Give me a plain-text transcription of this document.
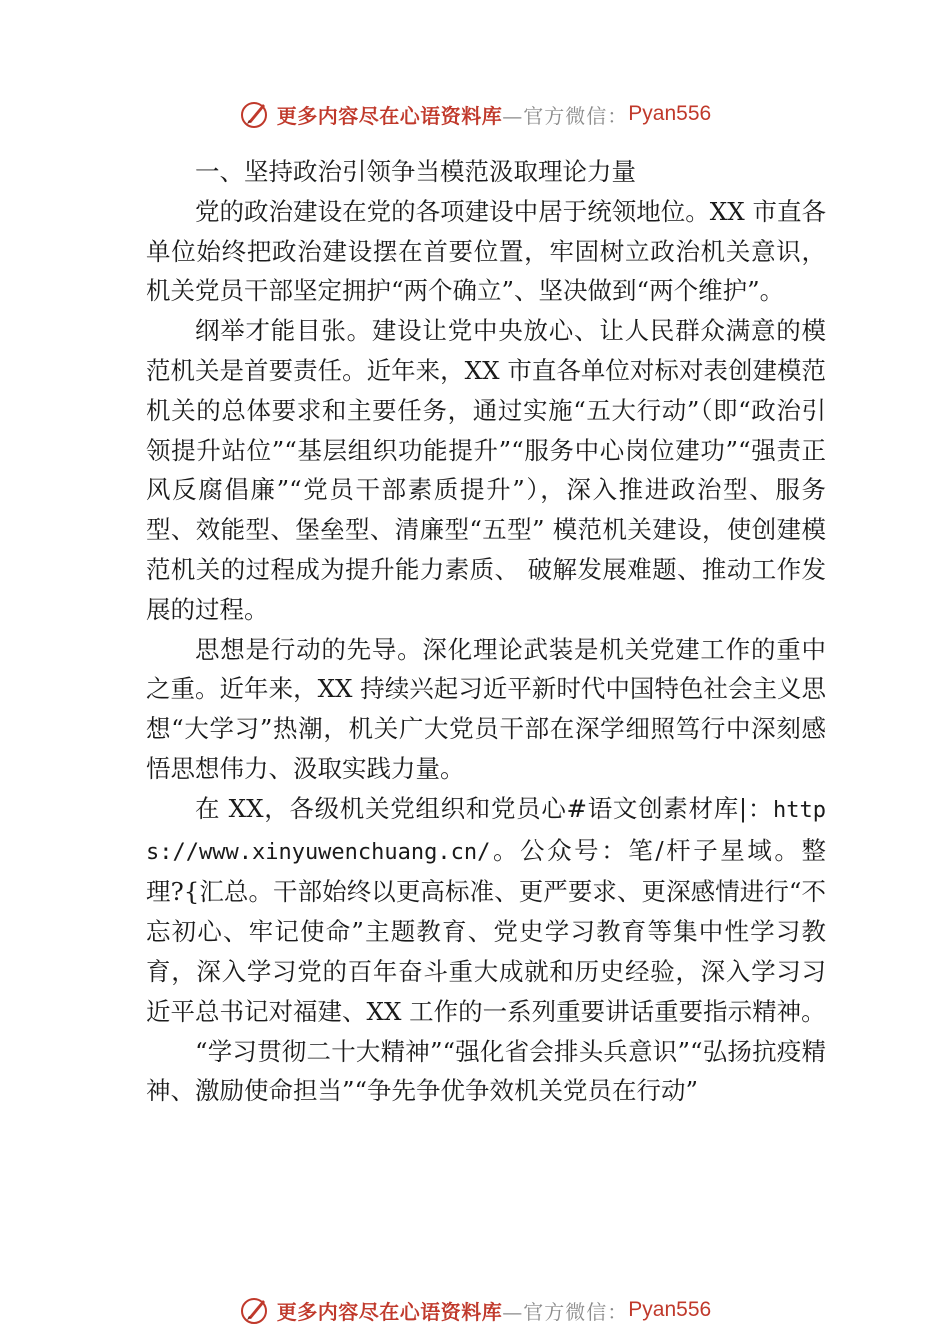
更多内容尽在心语资料库 —官方微信： Pyan556

一、坚持政治引领争当模范汲取理论力量

党的政治建设在党的各项建设中居于统领地位。XX 市直各单位始终把政治建设摆在首要位置，牢固树立政治机关意识，机关党员干部坚定拥护“两个确立”、坚决做到“两个维护”。

纲举才能目张。建设让党中央放心、让人民群众满意的模范机关是首要责任。近年来，XX 市直各单位对标对表创建模范机关的总体要求和主要任务，通过实施“五大行动”（即“政治引领提升站位”“基层组织功能提升”“服务中心岗位建功”“强责正风反腐倡廉”“党员干部素质提升”），深入推进政治型、服务型、效能型、堡垒型、清廉型“五型” 模范机关建设，使创建模范机关的过程成为提升能力素质、 破解发展难题、推动工作发展的过程。

思想是行动的先导。深化理论武装是机关党建工作的重中之重。近年来，XX 持续兴起习近平新时代中国特色社会主义思想“大学习”热潮，机关广大党员干部在深学细照笃行中深刻感悟思想伟力、汲取实践力量。

在 XX，各级机关党组织和党员心#语文创素材库|：https://www.xinyuwenchuang.cn/。公众号：笔/杆子星域。整理?{汇总。干部始终以更高标准、更严要求、更深感情进行“不忘初心、牢记使命”主题教育、党史学习教育等集中性学习教育，深入学习党的百年奋斗重大成就和历史经验，深入学习习近平总书记对福建、XX 工作的一系列重要讲话重要指示精神。

“学习贯彻二十大精神”“强化省会排头兵意识”“弘扬抗疫精神、激励使命担当”“争先争优争效机关党员在行动”

更多内容尽在心语资料库 —官方微信： Pyan556
